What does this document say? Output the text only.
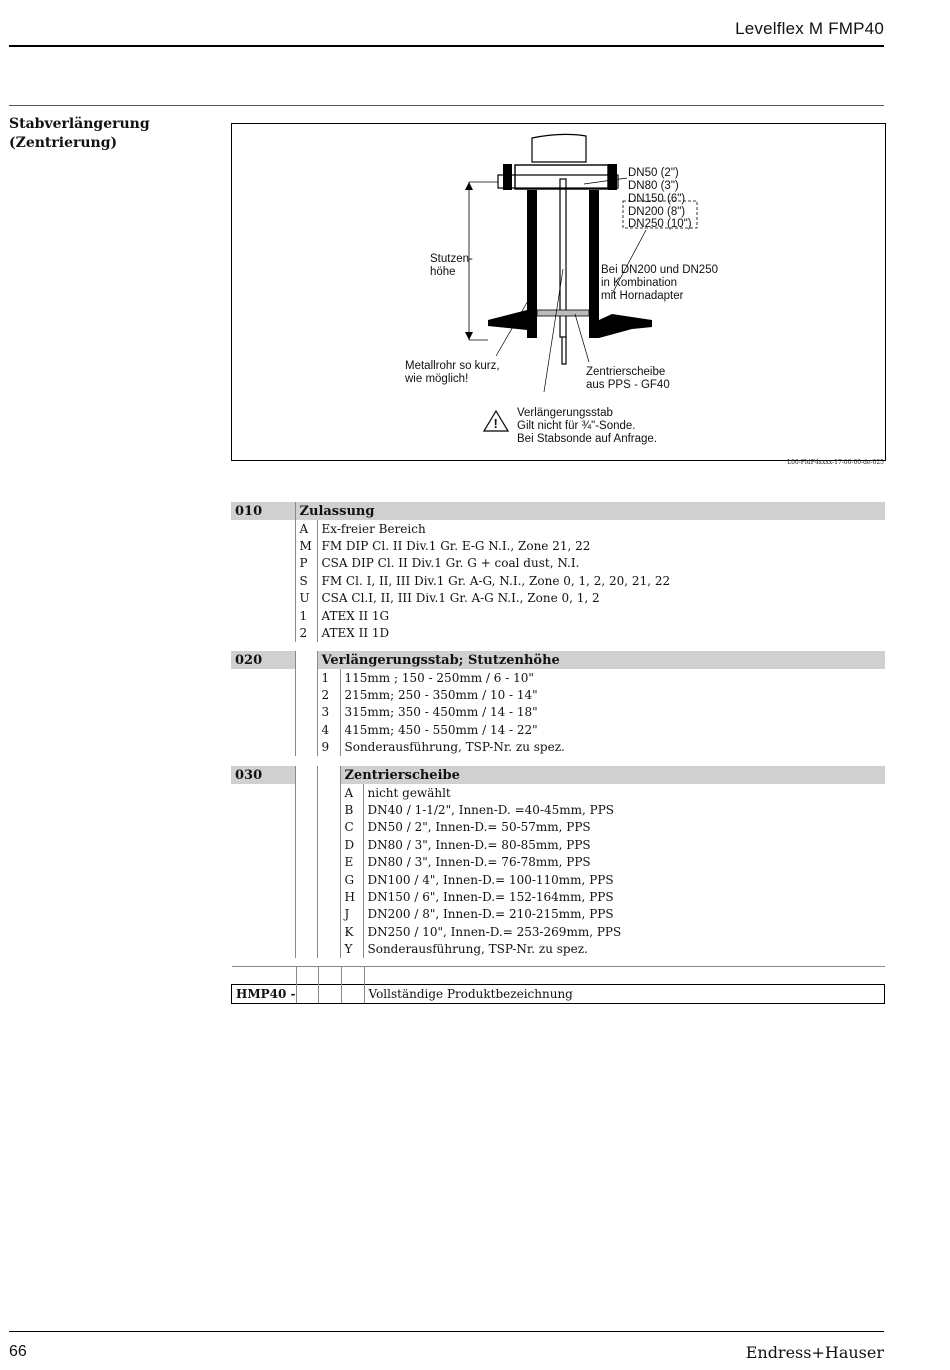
Levelflex M FMP40
Stabverlängerung
(Zentrierung)
!
DN50 (2")
DN80 (3")
DN150 (6")
DN200 (8")
DN250 (10")
Stutzen-
höhe	Bei DN200 und DN250
in Kombination
mit Hornadapter
Metallrohr so kurz,
wie möglich!
Zentrierscheibe
aus PPS - GF40
Verlängerungsstab
Gilt nicht für ¾"-Sonde.
Bei Stabsonde auf Anfrage.
L00-FldF4xxxx-17-00-00-de-025
010	Zulassung	
	A	Ex-freier Bereich
	M	FM DIP Cl. II Div.1 Gr. E-G N.I., Zone 21, 22
	P	CSA DIP Cl. II Div.1 Gr. G + coal dust, N.I.
	S	FM Cl. I, II, III Div.1 Gr. A-G, N.I., Zone 0, 1, 2, 20, 21, 22
	U	CSA Cl.I, II, III Div.1 Gr. A-G N.I., Zone 0, 1, 2
	1	ATEX II 1G
	2	ATEX II 1D
020		Verlängerungsstab; Stutzenhöhe	
		1	115mm ; 150 - 250mm / 6 - 10"
		2	215mm; 250 - 350mm / 10 - 14"
		3	315mm; 350 - 450mm / 14 - 18"
		4	415mm; 450 - 550mm / 14 - 22"
		9	Sonderausführung, TSP-Nr. zu spez.
030			Zentrierscheibe	
			A	nicht gewählt
			B	DN40 / 1-1/2", Innen-D. =40-45mm, PPS
			C	DN50 / 2", Innen-D.= 50-57mm, PPS
			D	DN80 / 3", Innen-D.= 80-85mm, PPS
			E	DN80 / 3", Innen-D.= 76-78mm, PPS
			G	DN100 / 4", Innen-D.= 100-110mm, PPS
			H	DN150 / 6", Innen-D.= 152-164mm, PPS
			J	DN200 / 8", Innen-D.= 210-215mm, PPS
			K	DN250 / 10", Innen-D.= 253-269mm, PPS
			Y	Sonderausführung, TSP-Nr. zu spez.

HMP40 -				Vollständige Produktbezeichnung
66	Endress+Hauser
